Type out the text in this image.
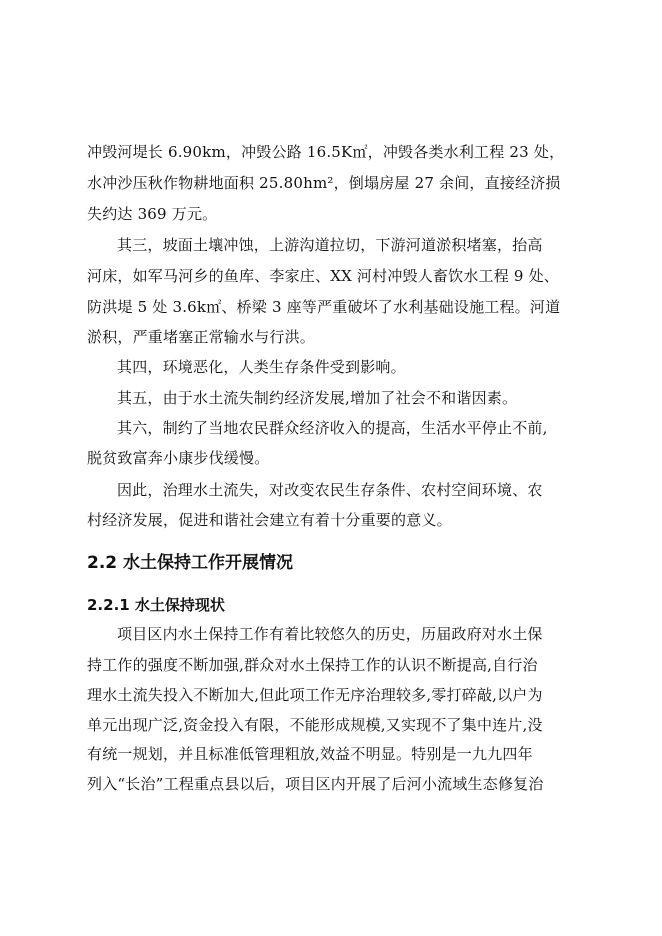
冲毁河堤长 6.90km，冲毁公路 16.5K㎡，冲毁各类水利工程 23 处，
水冲沙压秋作物耕地面积 25.80hm²，倒塌房屋 27 余间，直接经济损
失约达 369 万元。
其三，坡面土壤冲蚀，上游沟道拉切，下游河道淤积堵塞，抬高
河床，如军马河乡的鱼库、李家庄、XX 河村冲毁人畜饮水工程 9 处、
防洪堤 5 处 3.6k㎡、桥梁 3 座等严重破坏了水利基础设施工程。河道
淤积，严重堵塞正常输水与行洪。
其四，环境恶化，人类生存条件受到影响。
其五，由于水土流失制约经济发展,增加了社会不和谐因素。
其六，制约了当地农民群众经济收入的提高，生活水平停止不前,
脱贫致富奔小康步伐缓慢。
因此，治理水土流失，对改变农民生存条件、农村空间环境、农
村经济发展，促进和谐社会建立有着十分重要的意义。
2.2 水土保持工作开展情况
2.2.1 水土保持现状
项目区内水土保持工作有着比较悠久的历史，历届政府对水土保
持工作的强度不断加强,群众对水土保持工作的认识不断提高,自行治
理水土流失投入不断加大,但此项工作无序治理较多,零打碎敲,以户为
单元出现广泛,资金投入有限，不能形成规模,又实现不了集中连片,没
有统一规划，并且标准低管理粗放,效益不明显。特别是一九九四年
列入“长治”工程重点县以后，项目区内开展了后河小流域生态修复治
